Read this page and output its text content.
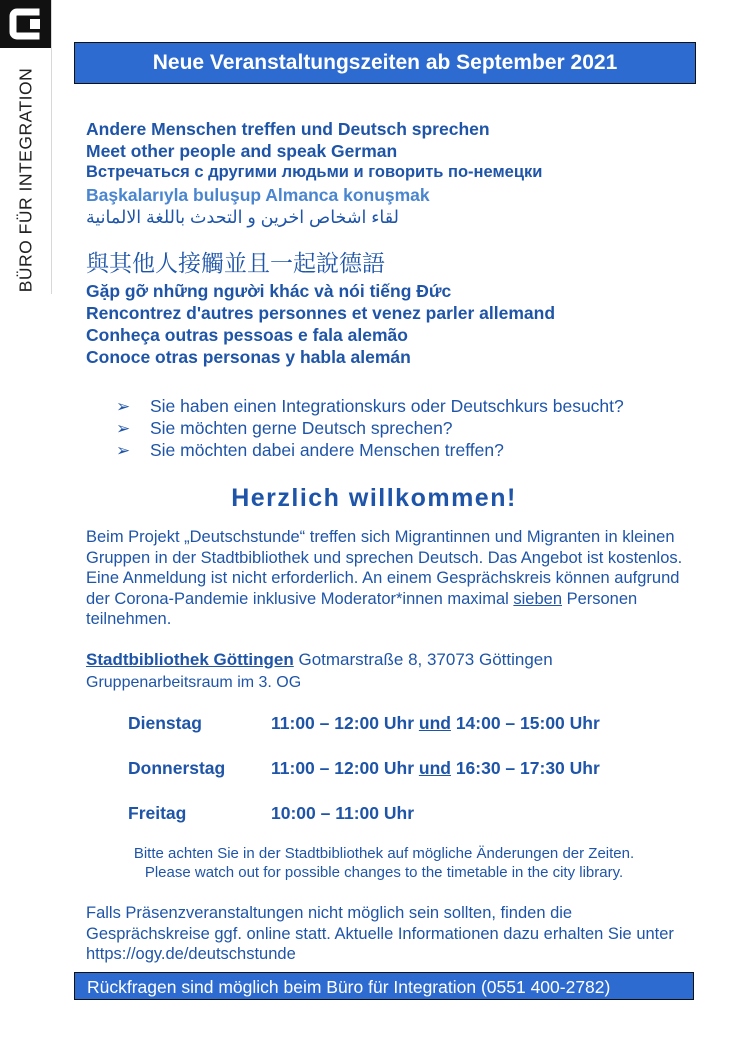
BÜRO FÜR INTEGRATION
Neue Veranstaltungszeiten ab September 2021
Andere Menschen treffen und Deutsch sprechen
Meet other people and speak German
Встречаться с другими людьми и говорить по-немецки
Başkalarıyla buluşup Almanca konuşmak
لقاء اشخاص اخرين و التحدث باللغة الالمانية
與其他人接觸並且一起說德語
Gặp gỡ những người khác và nói tiếng Đức
Rencontrez d'autres personnes et venez parler allemand
Conheça outras pessoas e fala alemão
Conoce otras personas y habla alemán
➢ Sie haben einen Integrationskurs oder Deutschkurs besucht?
➢ Sie möchten gerne Deutsch sprechen?
➢ Sie möchten dabei andere Menschen treffen?
Herzlich willkommen!
Beim Projekt „Deutschstunde“ treffen sich Migrantinnen und Migranten in kleinen Gruppen in der Stadtbibliothek und sprechen Deutsch. Das Angebot ist kostenlos. Eine Anmeldung ist nicht erforderlich. An einem Gesprächskreis können aufgrund der Corona-Pandemie inklusive Moderator*innen maximal sieben Personen teilnehmen.
Stadtbibliothek Göttingen Gotmarstraße 8, 37073 Göttingen
Gruppenarbeitsraum im 3. OG
Dienstag	11:00 – 12:00 Uhr und 14:00 – 15:00 Uhr
Donnerstag	11:00 – 12:00 Uhr und 16:30 – 17:30 Uhr
Freitag	10:00 – 11:00 Uhr
Bitte achten Sie in der Stadtbibliothek auf mögliche Änderungen der Zeiten.
Please watch out for possible changes to the timetable in the city library.
Falls Präsenzveranstaltungen nicht möglich sein sollten, finden die Gesprächskreise ggf. online statt. Aktuelle Informationen dazu erhalten Sie unter https://ogy.de/deutschstunde
Rückfragen sind möglich beim Büro für Integration (0551 400-2782)
